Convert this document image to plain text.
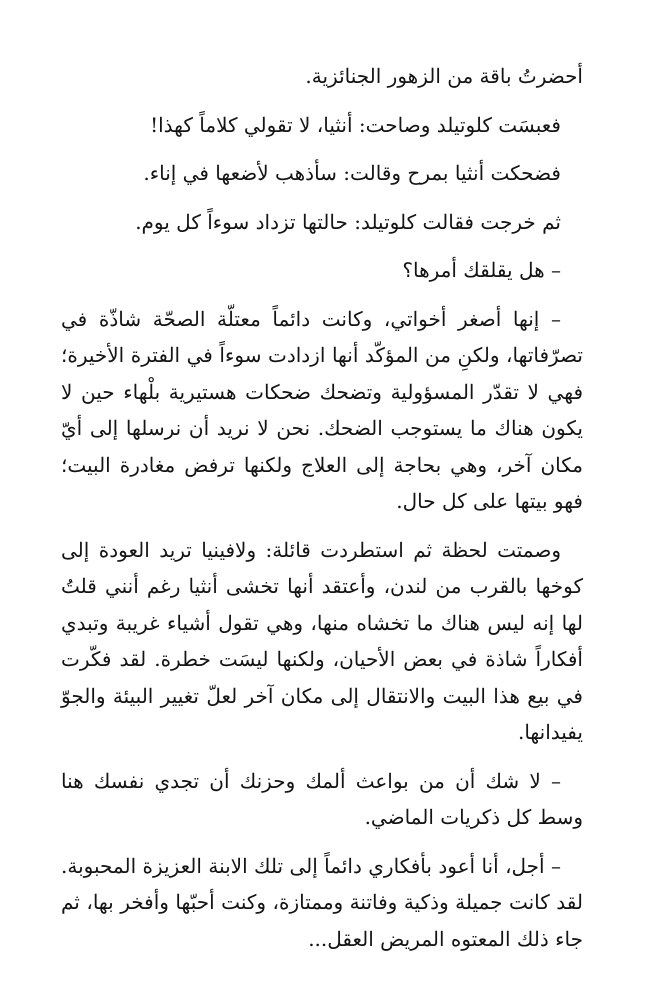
أحضرتُ باقة من الزهور الجنائزية.

فعبسَت كلوتيلد وصاحت: أنثيا، لا تقولي كلاماً كهذا!

فضحكت أنثيا بمرح وقالت: سأذهب لأضعها في إناء.

ثم خرجت فقالت كلوتيلد: حالتها تزداد سوءاً كل يوم.

– هل يقلقك أمرها؟

– إنها أصغر أخواتي، وكانت دائماً معتلّة الصحّة شاذّة في تصرّفاتها، ولكنِ من المؤكّد أنها ازدادت سوءاً في الفترة الأخيرة؛ فهي لا تقدّر المسؤولية وتضحك ضحكات هستيرية بلْهاء حين لا يكون هناك ما يستوجب الضحك. نحن لا نريد أن نرسلها إلى أيّ مكان آخر، وهي بحاجة إلى العلاج ولكنها ترفض مغادرة البيت؛ فهو بيتها على كل حال.

وصمتت لحظة ثم استطردت قائلة: ولافينيا تريد العودة إلى كوخها بالقرب من لندن، وأعتقد أنها تخشى أنثيا رغم أنني قلتُ لها إنه ليس هناك ما تخشاه منها، وهي تقول أشياء غريبة وتبدي أفكاراً شاذة في بعض الأحيان، ولكنها ليسَت خطرة. لقد فكّرت في بيع هذا البيت والانتقال إلى مكان آخر لعلّ تغيير البيئة والجوّ يفيدانها.

– لا شك أن من بواعث ألمك وحزنك أن تجدي نفسك هنا وسط كل ذكريات الماضي.

– أجل، أنا أعود بأفكاري دائماً إلى تلك الابنة العزيزة المحبوبة. لقد كانت جميلة وذكية وفاتنة وممتازة، وكنت أحبّها وأفخر بها، ثم جاء ذلك المعتوه المريض العقل...
